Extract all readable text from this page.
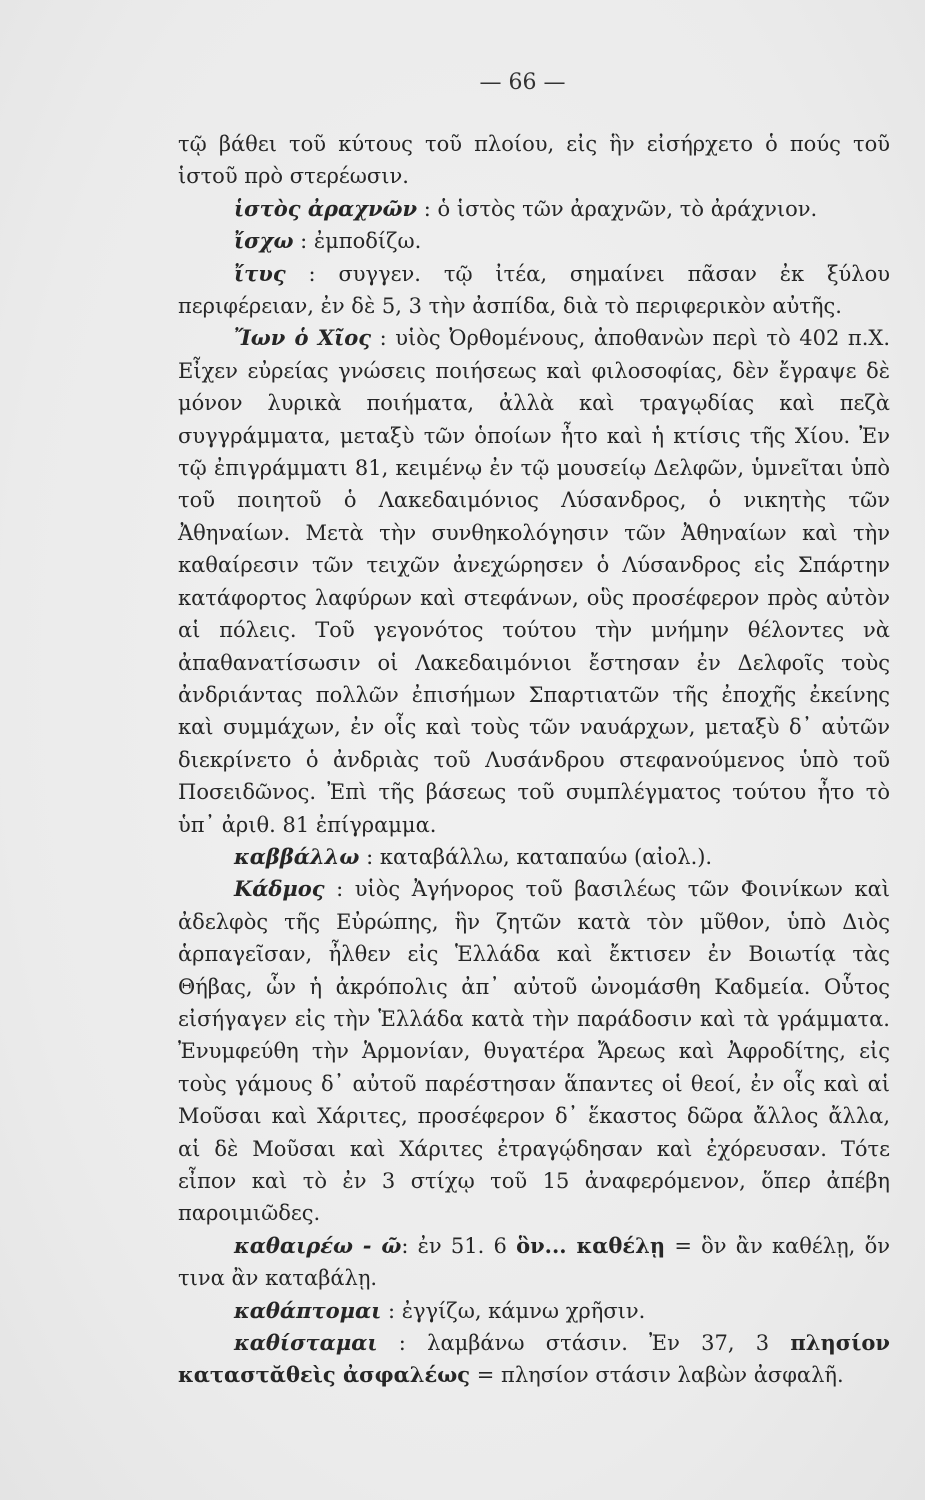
— 66 —

τῷ βάθει τοῦ κύτους τοῦ πλοίου, εἰς ἣν εἰσήρχετο ὁ πούς τοῦ ἱστοῦ πρὸ στερέωσιν.

ἱστὸς ἀραχνῶν : ὁ ἱστὸς τῶν ἀραχνῶν, τὸ ἀράχνιον.

ἴσχω : ἐμποδίζω.

ἴτυς : συγγεν. τῷ ἰτέα, σημαίνει πᾶσαν ἐκ ξύλου περιφέρειαν, ἐν δὲ 5, 3 τὴν ἀσπίδα, διὰ τὸ περιφερικὸν αὐτῆς.

Ἴων ὁ Χῖος : υἱὸς Ὀρθομένους, ἀποθανὼν περὶ τὸ 402 π.Χ. Εἶχεν εὐρείας γνώσεις ποιήσεως καὶ φιλοσοφίας, δὲν ἔγραψε δὲ μόνον λυρικὰ ποιήματα, ἀλλὰ καὶ τραγῳδίας καὶ πεζὰ συγγράμματα, μεταξὺ τῶν ὁποίων ἦτο καὶ ἡ κτίσις τῆς Χίου. Ἐν τῷ ἐπιγράμματι 81, κειμένῳ ἐν τῷ μουσείῳ Δελφῶν, ὑμνεῖται ὑπὸ τοῦ ποιητοῦ ὁ Λακεδαιμόνιος Λύσανδρος, ὁ νικητὴς τῶν Ἀθηναίων. Μετὰ τὴν συνθηκολόγησιν τῶν Ἀθηναίων καὶ τὴν καθαίρεσιν τῶν τειχῶν ἀνεχώρησεν ὁ Λύσανδρος εἰς Σπάρτην κατάφορτος λαφύρων καὶ στεφάνων, οὓς προσέφερον πρὸς αὐτὸν αἱ πόλεις. Τοῦ γεγονότος τούτου τὴν μνήμην θέλοντες νὰ ἀπαθανατίσωσιν οἱ Λακεδαιμόνιοι ἔστησαν ἐν Δελφοῖς τοὺς ἀνδριάντας πολλῶν ἐπισήμων Σπαρτιατῶν τῆς ἐποχῆς ἐκείνης καὶ συμμάχων, ἐν οἷς καὶ τοὺς τῶν ναυάρχων, μεταξὺ δ᾽ αὐτῶν διεκρίνετο ὁ ἀνδριὰς τοῦ Λυσάνδρου στεφανούμενος ὑπὸ τοῦ Ποσειδῶνος. Ἐπὶ τῆς βάσεως τοῦ συμπλέγματος τούτου ἦτο τὸ ὑπ᾽ ἀριθ. 81 ἐπίγραμμα.

καββάλλω : καταβάλλω, καταπαύω (αἰολ.).

Κάδμος : υἱὸς Ἀγήνορος τοῦ βασιλέως τῶν Φοινίκων καὶ ἀδελφὸς τῆς Εὐρώπης, ἣν ζητῶν κατὰ τὸν μῦθον, ὑπὸ Διὸς ἁρπαγεῖσαν, ἦλθεν εἰς Ἑλλάδα καὶ ἔκτισεν ἐν Βοιωτίᾳ τὰς Θήβας, ὧν ἡ ἀκρόπολις ἀπ᾽ αὐτοῦ ὠνομάσθη Καδμεία. Οὗτος εἰσήγαγεν εἰς τὴν Ἑλλάδα κατὰ τὴν παράδοσιν καὶ τὰ γράμματα. Ἐνυμφεύθη τὴν Ἁρμονίαν, θυγατέρα Ἄρεως καὶ Ἀφροδίτης, εἰς τοὺς γάμους δ᾽ αὐτοῦ παρέστησαν ἅπαντες οἱ θεοί, ἐν οἷς καὶ αἱ Μοῦσαι καὶ Χάριτες, προσέφερον δ᾽ ἕκαστος δῶρα ἄλλος ἄλλα, αἱ δὲ Μοῦσαι καὶ Χάριτες ἐτραγῴδησαν καὶ ἐχόρευσαν. Τότε εἶπον καὶ τὸ ἐν 3 στίχῳ τοῦ 15 ἀναφερόμενον, ὅπερ ἀπέβη παροιμιῶδες.

καθαιρέω - ῶ: ἐν 51. 6 ὃν... καθέλῃ = ὃν ἂν καθέλῃ, ὅν τινα ἂν καταβάλῃ.

καθάπτομαι : ἐγγίζω, κάμνω χρῆσιν.

καθίσταμαι : λαμβάνω στάσιν. Ἐν 37, 3 πλησίον καταστᾰθεὶς ἀσφαλέως = πλησίον στάσιν λαβὼν ἀσφαλῆ.
